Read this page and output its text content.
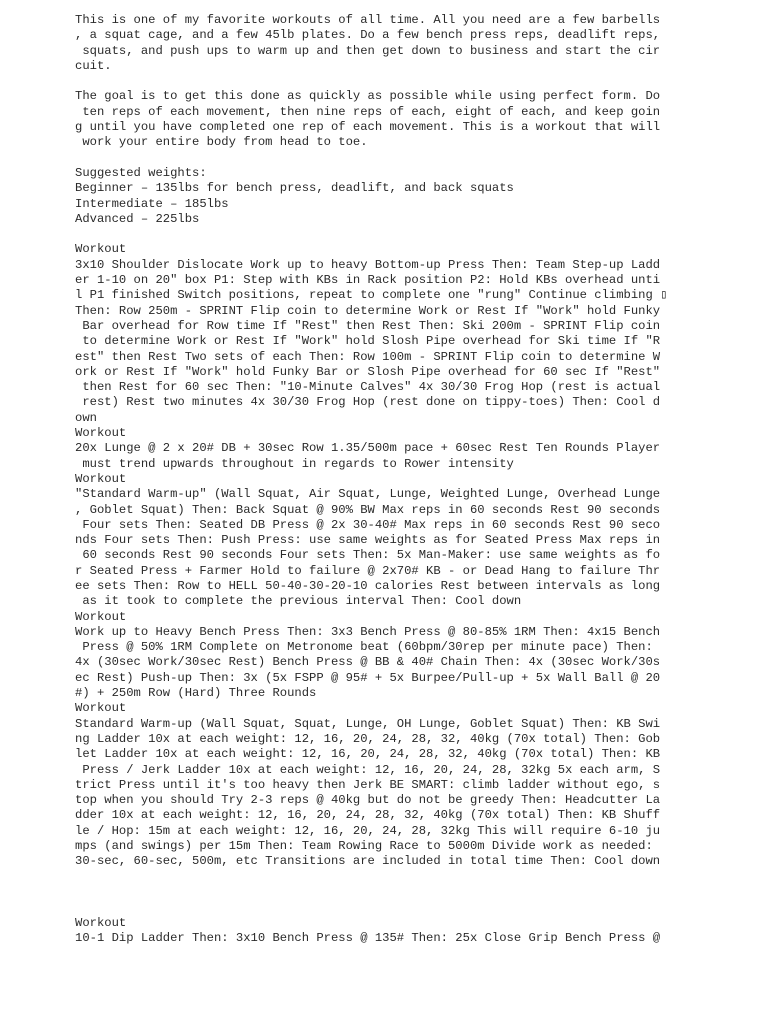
This is one of my favorite workouts of all time. All you need are a few barbells
, a squat cage, and a few 45lb plates. Do a few bench press reps, deadlift reps,
squats, and push ups to warm up and then get down to business and start the cir
cuit.
The goal is to get this done as quickly as possible while using perfect form. Do
ten reps of each movement, then nine reps of each, eight of each, and keep goin
g until you have completed one rep of each movement. This is a workout that will
work your entire body from head to toe.
Suggested weights:
Beginner – 135lbs for bench press, deadlift, and back squats
Intermediate – 185lbs
Advanced – 225lbs
Workout
3x10 Shoulder Dislocate Work up to heavy Bottom-up Press Then: Team Step-up Ladd
er 1-10 on 20" box P1: Step with KBs in Rack position P2: Hold KBs overhead unti
l P1 finished Switch positions, repeat to complete one "rung" Continue climbing ▯
Then: Row 250m - SPRINT Flip coin to determine Work or Rest If "Work" hold Funky
Bar overhead for Row time If "Rest" then Rest Then: Ski 200m - SPRINT Flip coin
to determine Work or Rest If "Work" hold Slosh Pipe overhead for Ski time If "R
est" then Rest Two sets of each Then: Row 100m - SPRINT Flip coin to determine W
ork or Rest If "Work" hold Funky Bar or Slosh Pipe overhead for 60 sec If "Rest"
then Rest for 60 sec Then: "10-Minute Calves" 4x 30/30 Frog Hop (rest is actual
rest) Rest two minutes 4x 30/30 Frog Hop (rest done on tippy-toes) Then: Cool d
own
Workout
20x Lunge @ 2 x 20# DB + 30sec Row 1.35/500m pace + 60sec Rest Ten Rounds Player
must trend upwards throughout in regards to Rower intensity
Workout
"Standard Warm-up" (Wall Squat, Air Squat, Lunge, Weighted Lunge, Overhead Lunge
, Goblet Squat) Then: Back Squat @ 90% BW Max reps in 60 seconds Rest 90 seconds
Four sets Then: Seated DB Press @ 2x 30-40# Max reps in 60 seconds Rest 90 seco
nds Four sets Then: Push Press: use same weights as for Seated Press Max reps in
60 seconds Rest 90 seconds Four sets Then: 5x Man-Maker: use same weights as fo
r Seated Press + Farmer Hold to failure @ 2x70# KB - or Dead Hang to failure Thr
ee sets Then: Row to HELL 50-40-30-20-10 calories Rest between intervals as long
as it took to complete the previous interval Then: Cool down
Workout
Work up to Heavy Bench Press Then: 3x3 Bench Press @ 80-85% 1RM Then: 4x15 Bench
Press @ 50% 1RM Complete on Metronome beat (60bpm/30rep per minute pace) Then:
4x (30sec Work/30sec Rest) Bench Press @ BB & 40# Chain Then: 4x (30sec Work/30s
ec Rest) Push-up Then: 3x (5x FSPP @ 95# + 5x Burpee/Pull-up + 5x Wall Ball @ 20
#) + 250m Row (Hard) Three Rounds
Workout
Standard Warm-up (Wall Squat, Squat, Lunge, OH Lunge, Goblet Squat) Then: KB Swi
ng Ladder 10x at each weight: 12, 16, 20, 24, 28, 32, 40kg (70x total) Then: Gob
let Ladder 10x at each weight: 12, 16, 20, 24, 28, 32, 40kg (70x total) Then: KB
Press / Jerk Ladder 10x at each weight: 12, 16, 20, 24, 28, 32kg 5x each arm, S
trict Press until it's too heavy then Jerk BE SMART: climb ladder without ego, s
top when you should Try 2-3 reps @ 40kg but do not be greedy Then: Headcutter La
dder 10x at each weight: 12, 16, 20, 24, 28, 32, 40kg (70x total) Then: KB Shuff
le / Hop: 15m at each weight: 12, 16, 20, 24, 28, 32kg This will require 6-10 ju
mps (and swings) per 15m Then: Team Rowing Race to 5000m Divide work as needed:
30-sec, 60-sec, 500m, etc Transitions are included in total time Then: Cool down
Workout
10-1 Dip Ladder Then: 3x10 Bench Press @ 135# Then: 25x Close Grip Bench Press @
